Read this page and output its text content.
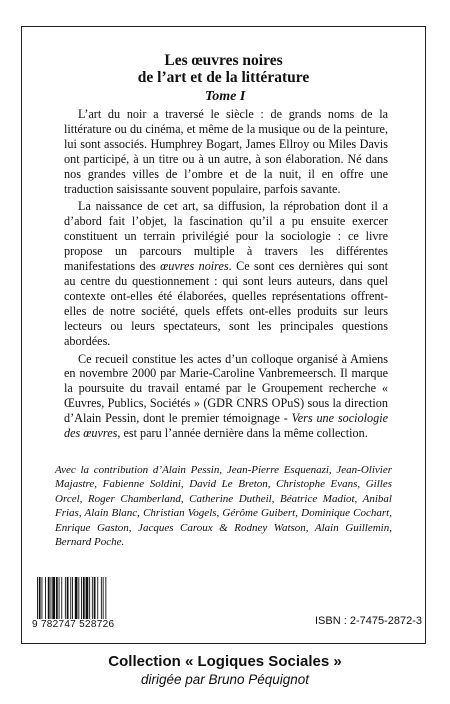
Les œuvres noires
de l’art et de la littérature
Tome I

L’art du noir a traversé le siècle : de grands noms de la littérature ou du cinéma, et même de la musique ou de la peinture, lui sont associés. Humphrey Bogart, James Ellroy ou Miles Davis ont participé, à un titre ou à un autre, à son élaboration. Né dans nos grandes villes de l’ombre et de la nuit, il en offre une traduction saisissante souvent populaire, parfois savante.

La naissance de cet art, sa diffusion, la réprobation dont il a d’abord fait l’objet, la fascination qu’il a pu ensuite exercer constituent un terrain privilégié pour la sociologie : ce livre propose un parcours multiple à travers les différentes manifestations des œuvres noires. Ce sont ces dernières qui sont au centre du questionnement : qui sont leurs auteurs, dans quel contexte ont-elles été élaborées, quelles représentations offrent-elles de notre société, quels effets ont-elles produits sur leurs lecteurs ou leurs spectateurs, sont les principales questions abordées.

Ce recueil constitue les actes d’un colloque organisé à Amiens en novembre 2000 par Marie-Caroline Vanbremeersch. Il marque la poursuite du travail entamé par le Groupement recherche « Œuvres, Publics, Sociétés » (GDR CNRS OPuS) sous la direction d’Alain Pessin, dont le premier témoignage - Vers une sociologie des œuvres, est paru l’année dernière dans la même collection.

Avec la contribution d’Alain Pessin, Jean-Pierre Esquenazi, Jean-Olivier Majastre, Fabienne Soldini, David Le Breton, Christophe Evans, Gilles Orcel, Roger Chamberland, Catherine Dutheil, Béatrice Madiot, Anibal Frias, Alain Blanc, Christian Vogels, Gérôme Guibert, Dominique Cochart, Enrique Gaston, Jacques Caroux & Rodney Watson, Alain Guillemin, Bernard Poche.
9 782747 528726	ISBN : 2-7475-2872-3
Collection « Logiques Sociales »
dirigée par Bruno Péquignot
